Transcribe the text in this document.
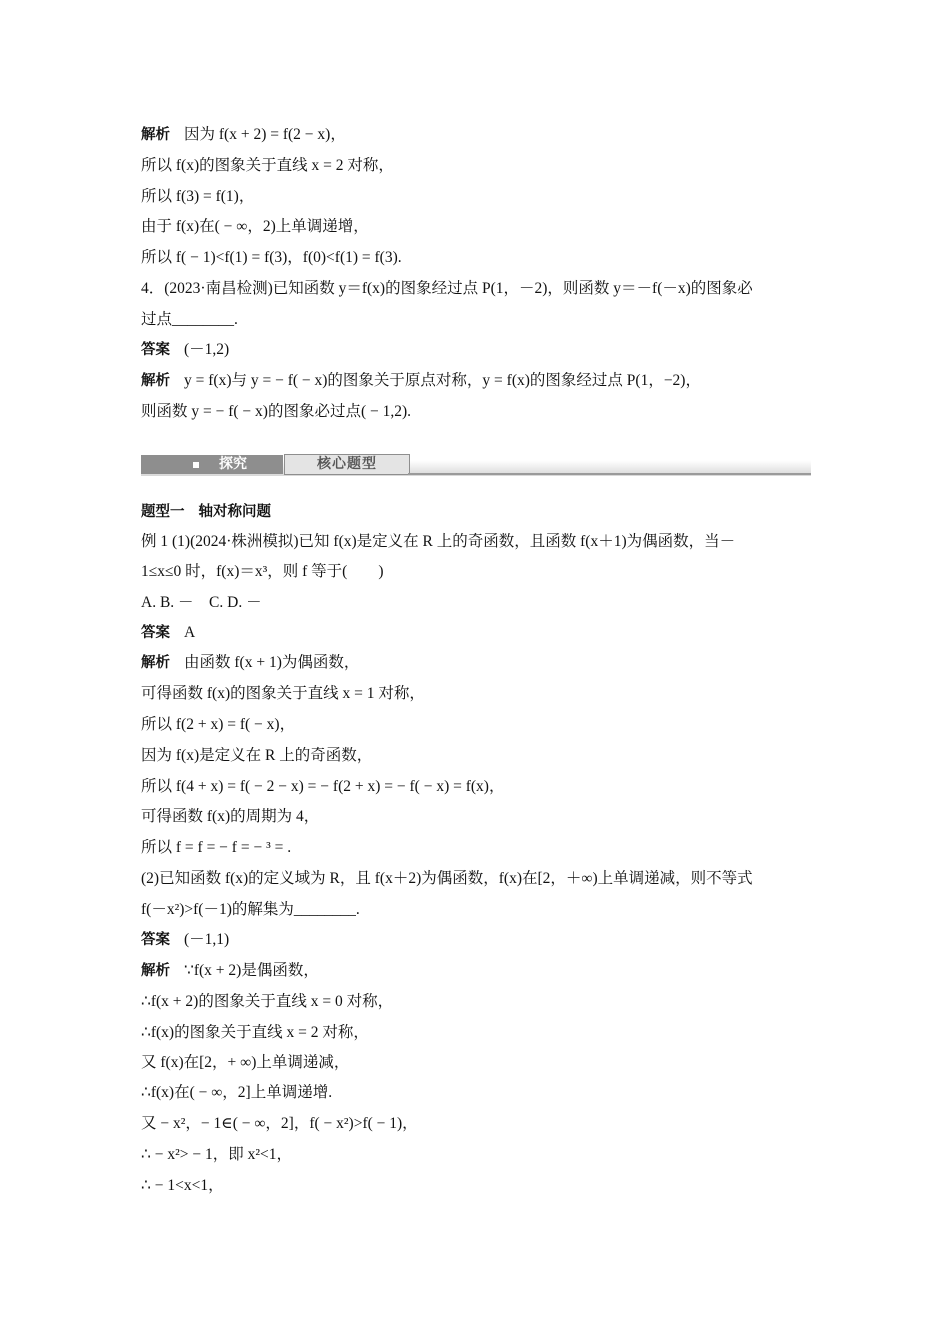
解析 因为 f(x + 2) = f(2 − x)，
所以 f(x)的图象关于直线 x = 2 对称，
所以 f(3) = f(1)，
由于 f(x)在( − ∞，2)上单调递增，
所以 f( − 1)<f(1) = f(3)，f(0)<f(1) = f(3).
4．(2023·南昌检测)已知函数 y＝f(x)的图象经过点 P(1，－2)，则函数 y＝－f(－x)的图象必
过点________.
答案 (－1,2)
解析 y = f(x)与 y = − f( − x)的图象关于原点对称，y = f(x)的图象经过点 P(1，−2)，
则函数 y = − f( − x)的图象必过点( − 1,2).
探究	核心题型
题型一 轴对称问题
例 1 (1)(2024·株洲模拟)已知 f(x)是定义在 R 上的奇函数，且函数 f(x＋1)为偶函数，当－
1≤x≤0 时，f(x)＝x³，则 f 等于(　　)
A. B. －　C. D. －
答案 A
解析 由函数 f(x + 1)为偶函数，
可得函数 f(x)的图象关于直线 x = 1 对称，
所以 f(2 + x) = f( − x)，
因为 f(x)是定义在 R 上的奇函数，
所以 f(4 + x) = f( − 2 − x) = − f(2 + x) = − f( − x) = f(x)，
可得函数 f(x)的周期为 4，
所以 f = f = − f = − ³ = .
(2)已知函数 f(x)的定义域为 R，且 f(x＋2)为偶函数，f(x)在[2，＋∞)上单调递减，则不等式
f(－x²)>f(－1)的解集为________.
答案 (－1,1)
解析 ∵f(x + 2)是偶函数，
∴f(x + 2)的图象关于直线 x = 0 对称，
∴f(x)的图象关于直线 x = 2 对称，
又 f(x)在[2，+ ∞)上单调递减，
∴f(x)在( − ∞，2]上单调递增.
又 − x²，− 1∈( − ∞，2]，f( − x²)>f( − 1)，
∴ − x²> − 1，即 x²<1，
∴ − 1<x<1，
